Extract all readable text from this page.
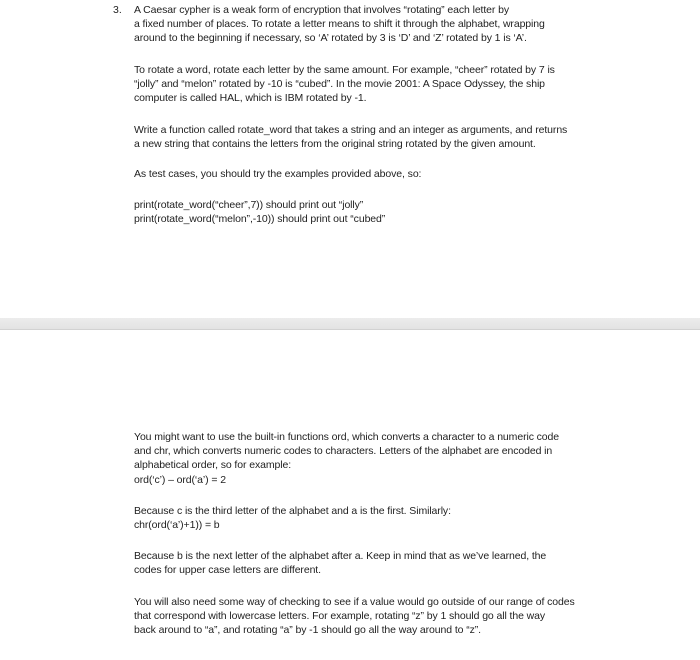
3. A Caesar cypher is a weak form of encryption that involves “rotating” each letter by

a fixed number of places. To rotate a letter means to shift it through the alphabet, wrapping

around to the beginning if necessary, so ‘A’ rotated by 3 is ‘D’ and ‘Z’ rotated by 1 is ‘A’.

To rotate a word, rotate each letter by the same amount. For example, “cheer” rotated by 7 is

“jolly” and “melon” rotated by -10 is “cubed”. In the movie 2001: A Space Odyssey, the ship

computer is called HAL, which is IBM rotated by -1.

Write a function called rotate_word that takes a string and an integer as arguments, and returns

a new string that contains the letters from the original string rotated by the given amount.

As test cases, you should try the examples provided above, so:

print(rotate_word(“cheer”,7)) should print out “jolly”

print(rotate_word(“melon”,-10)) should print out “cubed”

You might want to use the built-in functions ord, which converts a character to a numeric code

and chr, which converts numeric codes to characters. Letters of the alphabet are encoded in

alphabetical order, so for example:

ord(‘c’) – ord(‘a’) = 2

Because c is the third letter of the alphabet and a is the first. Similarly:

chr(ord(‘a’)+1)) = b

Because b is the next letter of the alphabet after a. Keep in mind that as we’ve learned, the

codes for upper case letters are different.

You will also need some way of checking to see if a value would go outside of our range of codes

that correspond with lowercase letters. For example, rotating “z” by 1 should go all the way

back around to “a”, and rotating “a” by -1 should go all the way around to “z”.
